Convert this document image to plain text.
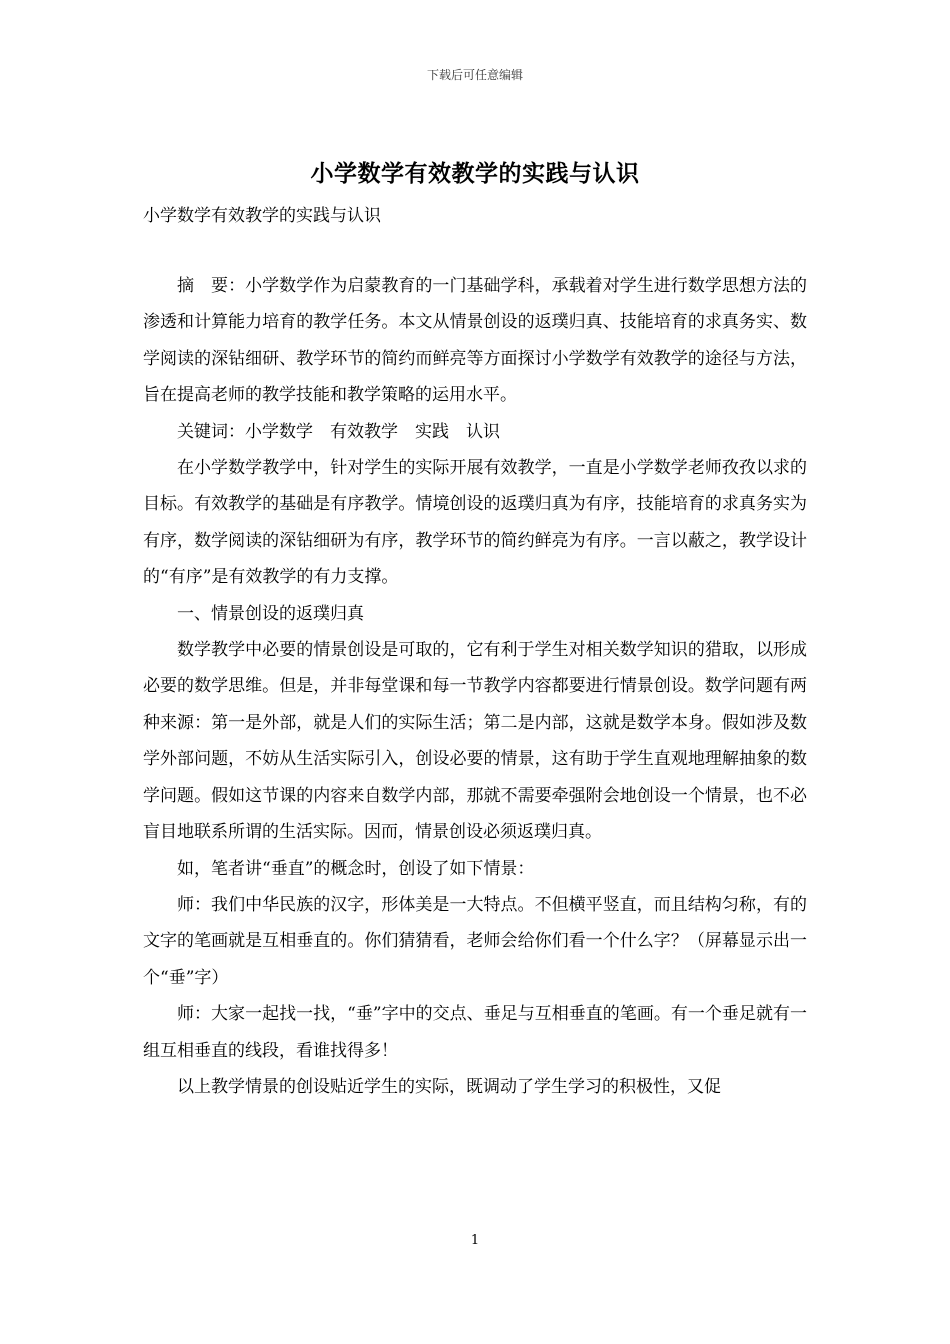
下载后可任意编辑
小学数学有效教学的实践与认识
小学数学有效教学的实践与认识

摘　要：小学数学作为启蒙教育的一门基础学科，承载着对学生进行数学思想方法的渗透和计算能力培育的教学任务。本文从情景创设的返璞归真、技能培育的求真务实、数学阅读的深钻细研、教学环节的简约而鲜亮等方面探讨小学数学有效教学的途径与方法，旨在提高老师的教学技能和教学策略的运用水平。

关键词：小学数学　有效教学　实践　认识

在小学数学教学中，针对学生的实际开展有效教学，一直是小学数学老师孜孜以求的目标。有效教学的基础是有序教学。情境创设的返璞归真为有序，技能培育的求真务实为有序，数学阅读的深钻细研为有序，教学环节的简约鲜亮为有序。一言以蔽之，教学设计的“有序”是有效教学的有力支撑。

一、情景创设的返璞归真

数学教学中必要的情景创设是可取的，它有利于学生对相关数学知识的猎取，以形成必要的数学思维。但是，并非每堂课和每一节教学内容都要进行情景创设。数学问题有两种来源：第一是外部，就是人们的实际生活；第二是内部，这就是数学本身。假如涉及数学外部问题，不妨从生活实际引入，创设必要的情景，这有助于学生直观地理解抽象的数学问题。假如这节课的内容来自数学内部，那就不需要牵强附会地创设一个情景，也不必盲目地联系所谓的生活实际。因而，情景创设必须返璞归真。

如，笔者讲“垂直”的概念时，创设了如下情景：

师：我们中华民族的汉字，形体美是一大特点。不但横平竖直，而且结构匀称，有的文字的笔画就是互相垂直的。你们猜猜看，老师会给你们看一个什么字？（屏幕显示出一个“垂”字）

师：大家一起找一找，“垂”字中的交点、垂足与互相垂直的笔画。有一个垂足就有一组互相垂直的线段，看谁找得多！

以上教学情景的创设贴近学生的实际，既调动了学生学习的积极性，又促

1
